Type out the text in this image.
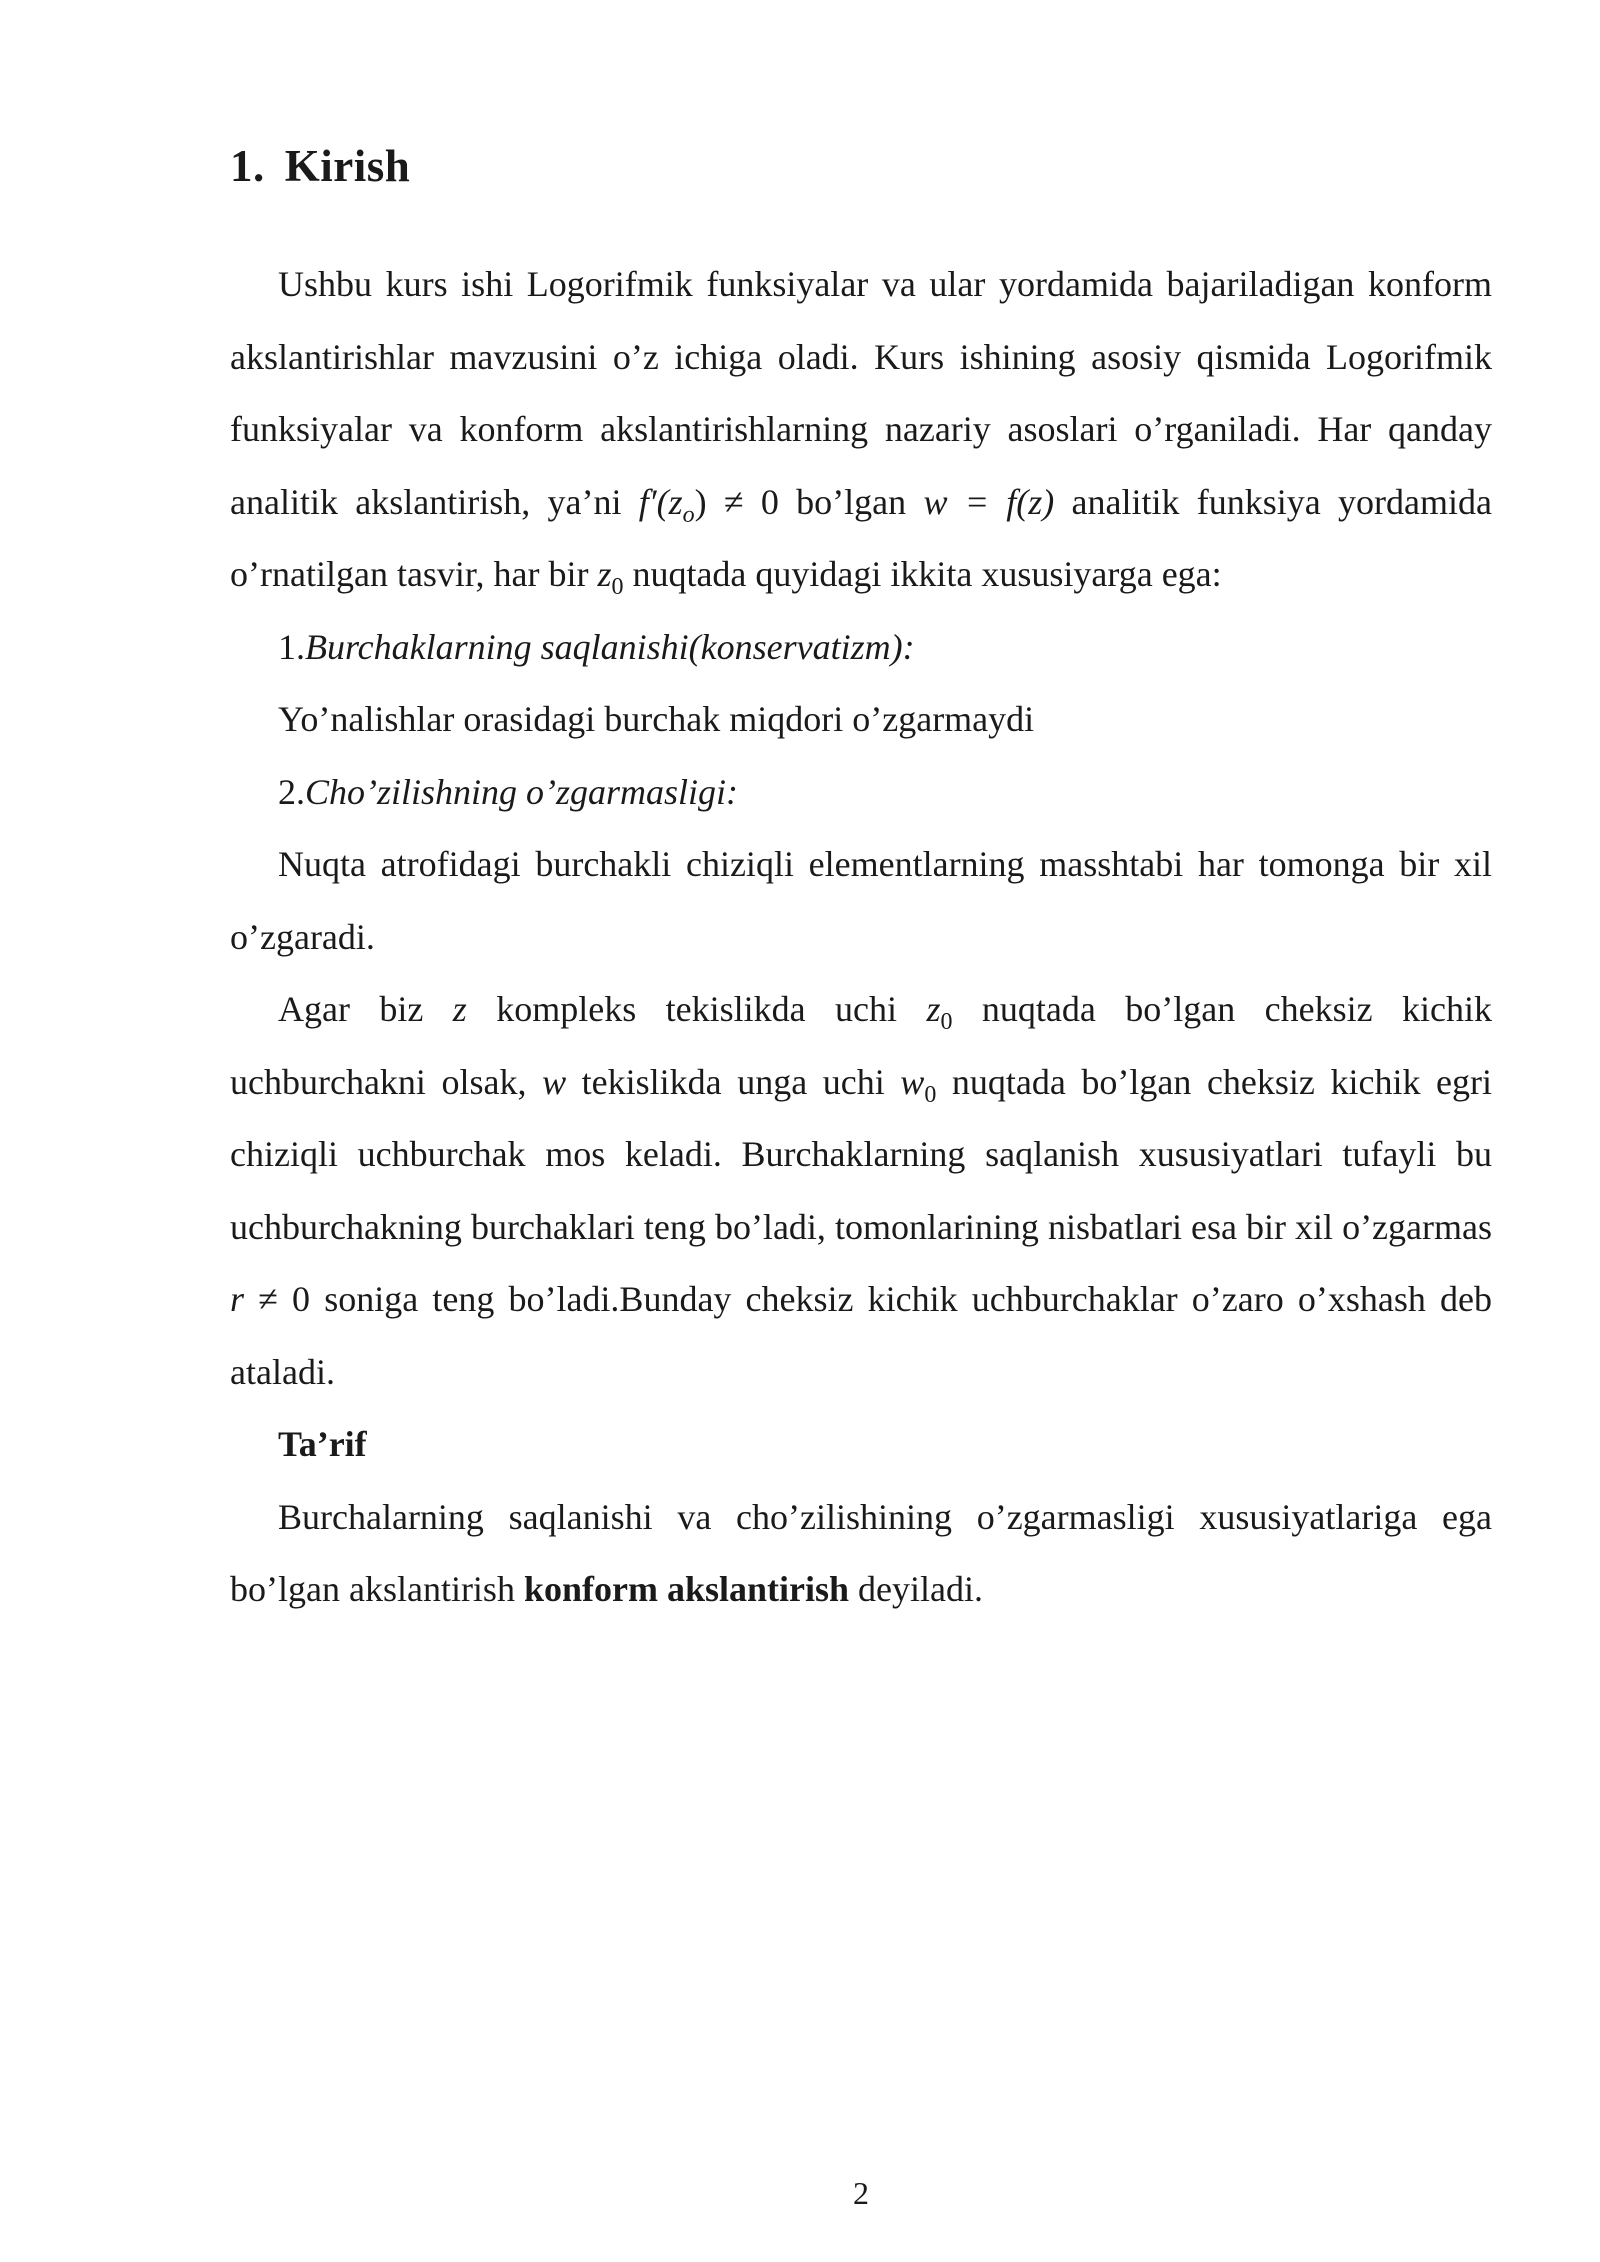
1. Kirish

Ushbu kurs ishi Logorifmik funksiyalar va ular yordamida bajariladigan konform akslantirishlar mavzusini o’z ichiga oladi. Kurs ishining asosiy qismida Logorifmik funksiyalar va konform akslantirishlarning nazariy asoslari o’rganiladi. Har qanday analitik akslantirish, ya’ni $f'(z_o) \ne 0$ bo’lgan w = f(z) analitik funksiya yordamida o’rnatilgan tasvir, har bir $z_0$ nuqtada quyidagi ikkita xususiyarga ega:

1.Burchaklarning saqlanishi(konservatizm):

Yo’nalishlar orasidagi burchak miqdori o’zgarmaydi

2.Cho’zilishning o’zgarmasligi:

Nuqta atrofidagi burchakli chiziqli elementlarning masshtabi har tomonga bir xil o’zgaradi.

Agar biz z kompleks tekislikda uchi $z_0$ nuqtada bo’lgan cheksiz kichik uchburchakni olsak, w tekislikda unga uchi $w_0$ nuqtada bo’lgan cheksiz kichik egri chiziqli uchburchak mos keladi. Burchaklarning saqlanish xususiyatlari tufayli bu uchburchakning burchaklari teng bo’ladi, tomonlarining nisbatlari esa bir xil o’zgarmas r ≠ 0 soniga teng bo’ladi.Bunday cheksiz kichik uchburchaklar o’zaro o’xshash deb ataladi.

Ta’rif

Burchalarning saqlanishi va cho’zilishining o’zgarmasligi xususiyatlariga ega bo’lgan akslantirish konform akslantirish deyiladi.

2
